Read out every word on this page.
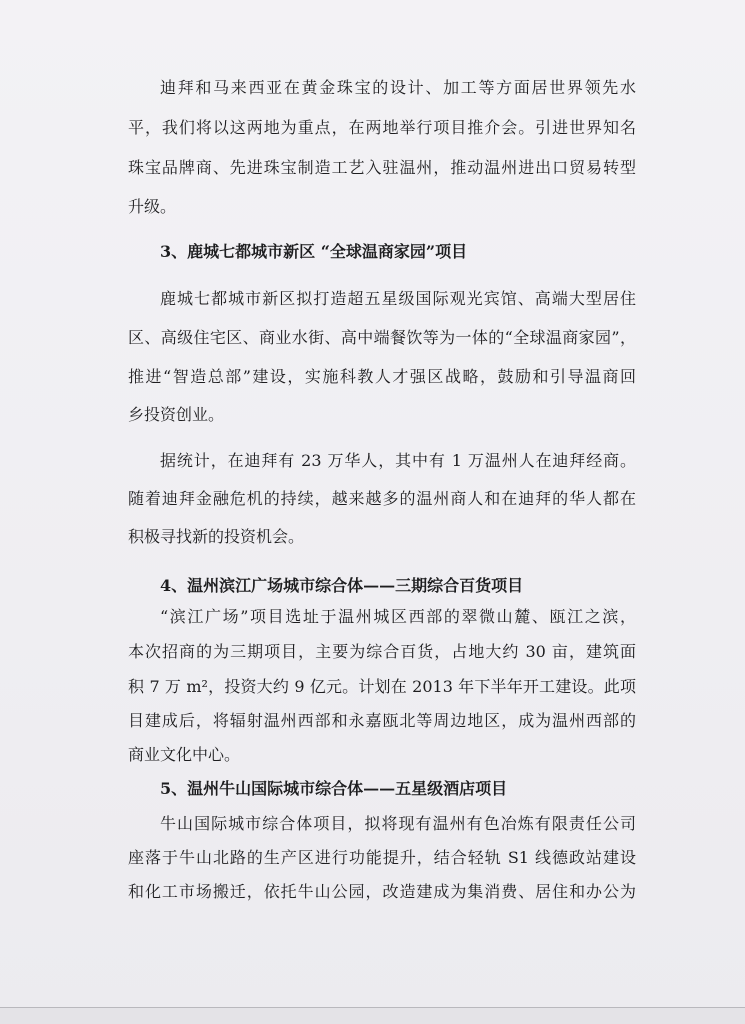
迪拜和马来西亚在黄金珠宝的设计、加工等方面居世界领先水
平，我们将以这两地为重点，在两地举行项目推介会。引进世界知名
珠宝品牌商、先进珠宝制造工艺入驻温州，推动温州进出口贸易转型
升级。
3、鹿城七都城市新区 “全球温商家园”项目
鹿城七都城市新区拟打造超五星级国际观光宾馆、高端大型居住
区、高级住宅区、商业水街、高中端餐饮等为一体的“全球温商家园”，
推进“智造总部”建设，实施科教人才强区战略，鼓励和引导温商回
乡投资创业。
据统计，在迪拜有 23 万华人，其中有 1 万温州人在迪拜经商。
随着迪拜金融危机的持续，越来越多的温州商人和在迪拜的华人都在
积极寻找新的投资机会。
4、温州滨江广场城市综合体——三期综合百货项目
“滨江广场”项目选址于温州城区西部的翠微山麓、瓯江之滨，
本次招商的为三期项目，主要为综合百货，占地大约 30 亩，建筑面
积 7 万 m²，投资大约 9 亿元。计划在 2013 年下半年开工建设。此项
目建成后，将辐射温州西部和永嘉瓯北等周边地区，成为温州西部的
商业文化中心。
5、温州牛山国际城市综合体——五星级酒店项目
牛山国际城市综合体项目，拟将现有温州有色冶炼有限责任公司
座落于牛山北路的生产区进行功能提升，结合轻轨 S1 线德政站建设
和化工市场搬迁，依托牛山公园，改造建成为集消费、居住和办公为
